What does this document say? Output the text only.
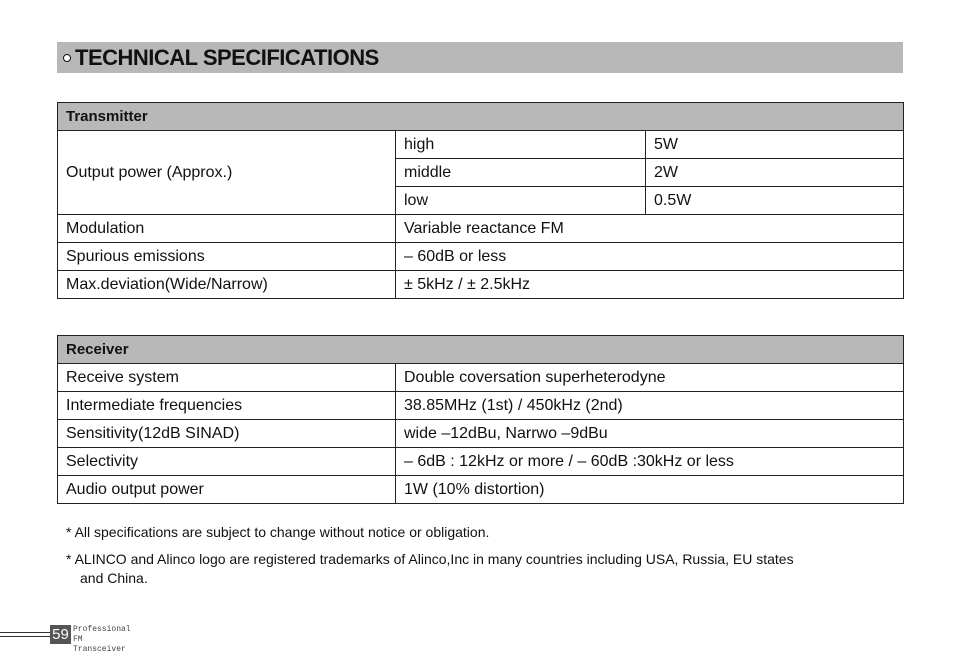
TECHNICAL SPECIFICATIONS
Transmitter		
Output power (Approx.)	high	5W
	middle	2W
	low	0.5W
Modulation	Variable reactance FM	
Spurious emissions	– 60dB or less	
Max.deviation(Wide/Narrow)	± 5kHz / ± 2.5kHz	
Receiver	
Receive system	Double coversation superheterodyne
Intermediate frequencies	38.85MHz (1st) / 450kHz (2nd)
Sensitivity(12dB SINAD)	wide –12dBu, Narrwo –9dBu
Selectivity	– 6dB : 12kHz or more / – 60dB :30kHz or less
Audio output power	1W (10% distortion)
* All specifications are subject to change without notice or obligation.
* ALINCO and Alinco logo are registered trademarks of Alinco,Inc in many countries including USA, Russia, EU states
and China.
59 Professional
FM Transceiver
